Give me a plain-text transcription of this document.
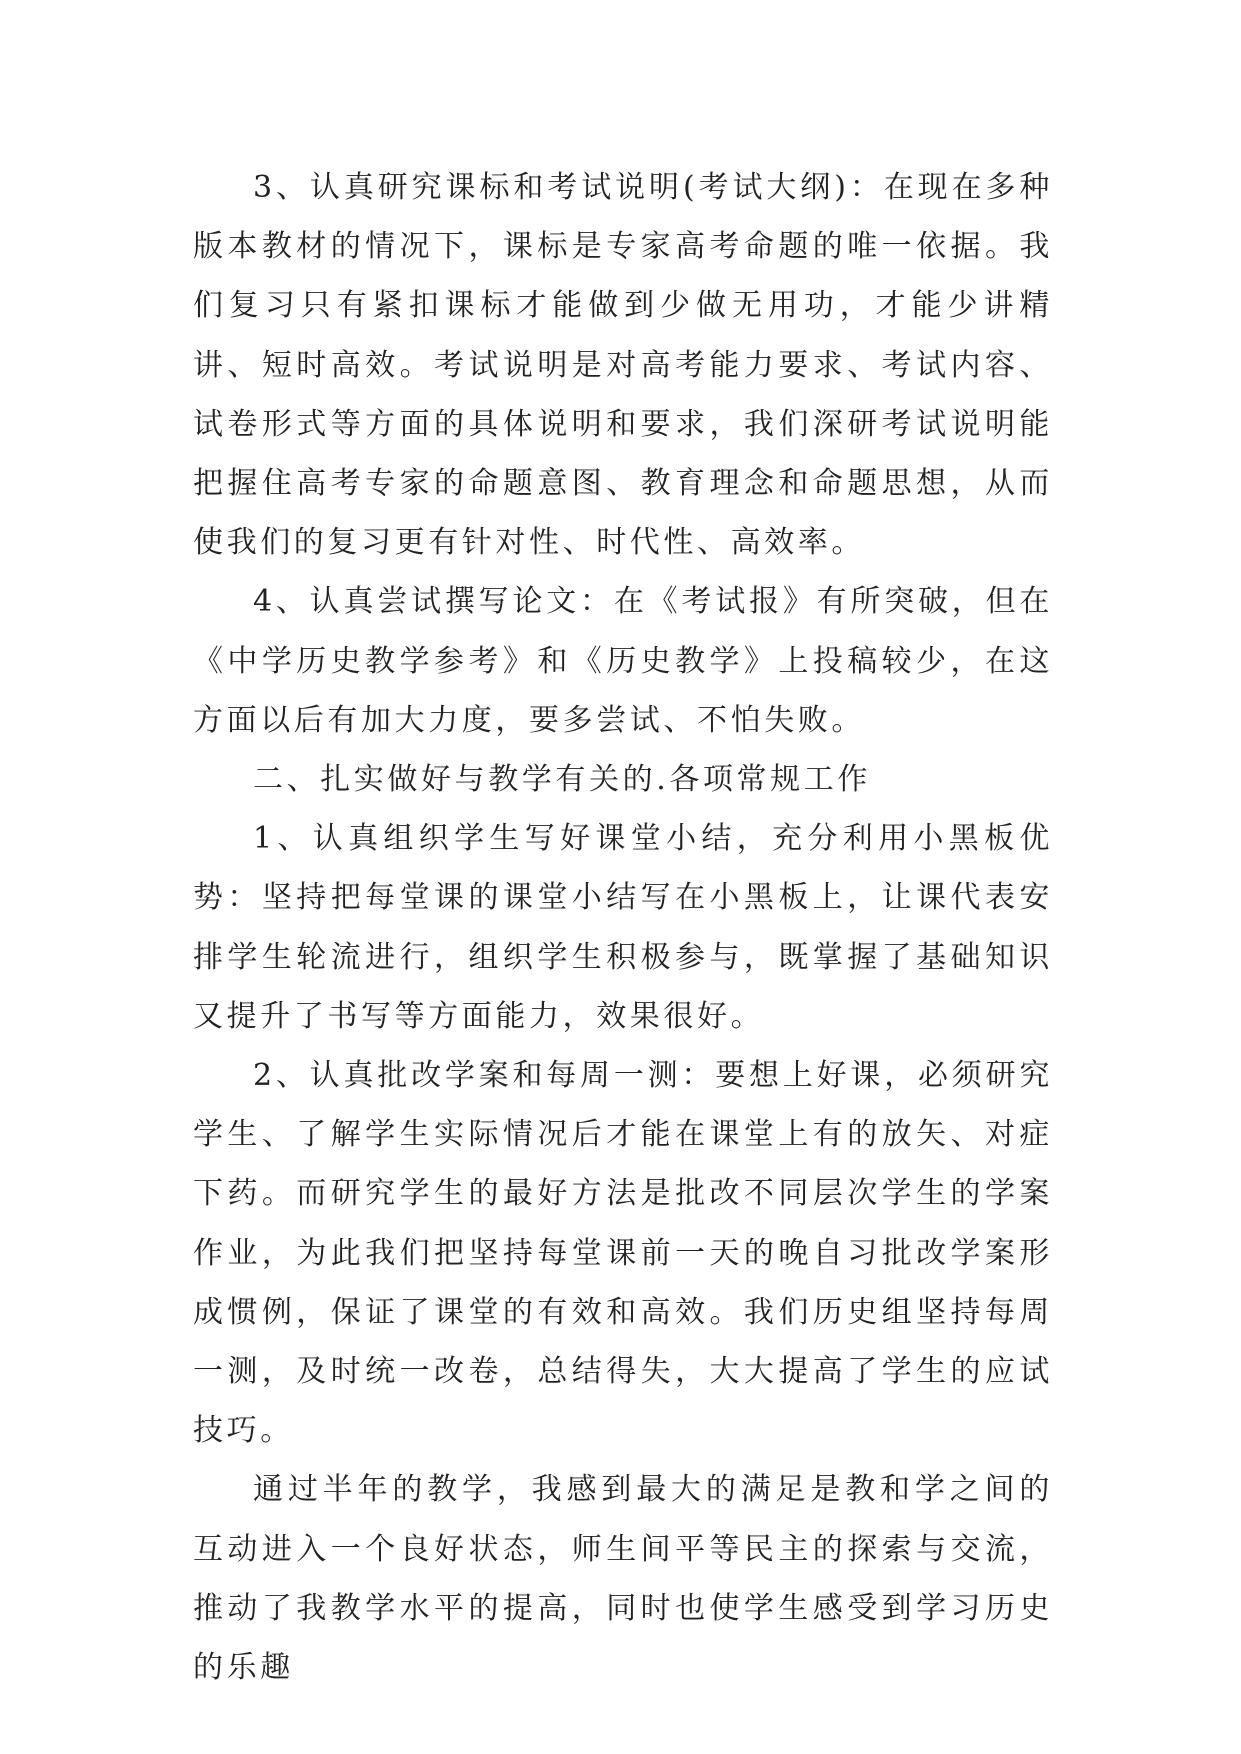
3、认真研究课标和考试说明(考试大纲)：在现在多种版本教材的情况下，课标是专家高考命题的唯一依据。我们复习只有紧扣课标才能做到少做无用功，才能少讲精讲、短时高效。考试说明是对高考能力要求、考试内容、试卷形式等方面的具体说明和要求，我们深研考试说明能把握住高考专家的命题意图、教育理念和命题思想，从而使我们的复习更有针对性、时代性、高效率。

4、认真尝试撰写论文：在《考试报》有所突破，但在《中学历史教学参考》和《历史教学》上投稿较少，在这方面以后有加大力度，要多尝试、不怕失败。

二、扎实做好与教学有关的.各项常规工作

1、认真组织学生写好课堂小结，充分利用小黑板优势：坚持把每堂课的课堂小结写在小黑板上，让课代表安排学生轮流进行，组织学生积极参与，既掌握了基础知识又提升了书写等方面能力，效果很好。

2、认真批改学案和每周一测：要想上好课，必须研究学生、了解学生实际情况后才能在课堂上有的放矢、对症下药。而研究学生的最好方法是批改不同层次学生的学案作业，为此我们把坚持每堂课前一天的晚自习批改学案形成惯例，保证了课堂的有效和高效。我们历史组坚持每周一测，及时统一改卷，总结得失，大大提高了学生的应试技巧。

通过半年的教学，我感到最大的满足是教和学之间的互动进入一个良好状态，师生间平等民主的探索与交流，推动了我教学水平的提高，同时也使学生感受到学习历史的乐趣
